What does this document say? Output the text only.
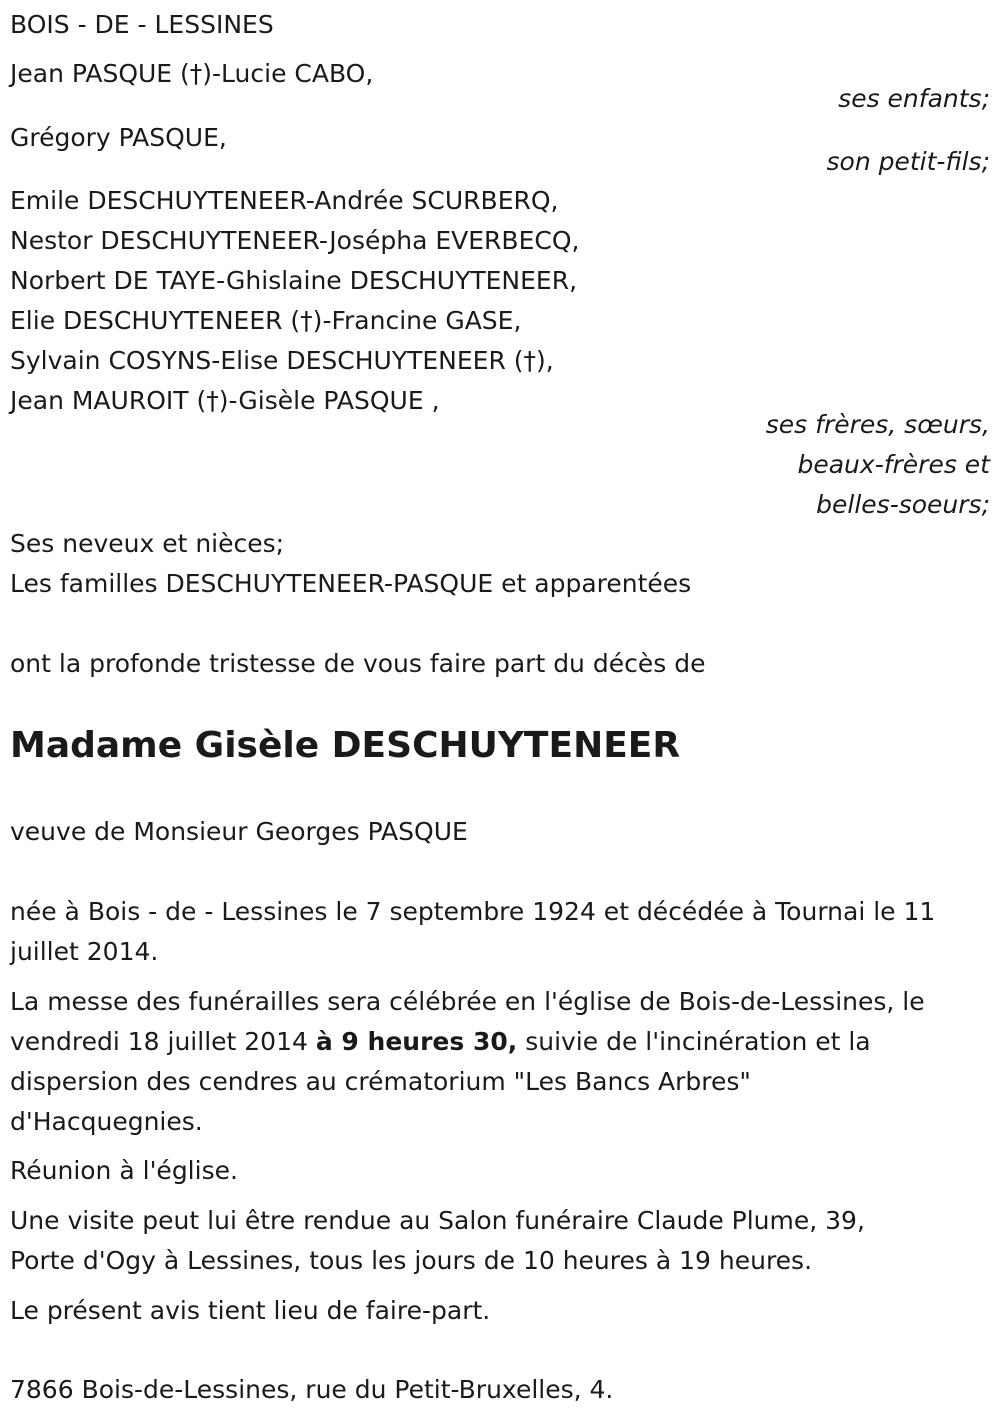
BOIS - DE - LESSINES
Jean PASQUE (†)-Lucie CABO,
ses enfants;
Grégory PASQUE,
son petit-fils;
Emile DESCHUYTENEER-Andrée SCURBERQ,
Nestor DESCHUYTENEER-Joséphа EVERBECQ,
Norbert DE TAYE-Ghislaine DESCHUYTENEER,
Elie DESCHUYTENEER (†)-Francine GASE,
Sylvain COSYNS-Elise DESCHUYTENEER (†),
Jean MAUROIT (†)-Gisèle PASQUE ,
ses frères, sœurs,
beaux-frères et
belles-soeurs;
Ses neveux et nièces;
Les familles DESCHUYTENEER-PASQUE et apparentées
ont la profonde tristesse de vous faire part du décès de
Madame Gisèle DESCHUYTENEER
veuve de Monsieur Georges PASQUE
née à Bois - de - Lessines le 7 septembre 1924 et décédée à Tournai le 11
juillet 2014.
La messe des funérailles sera célébrée en l'église de Bois-de-Lessines, le
vendredi 18 juillet 2014 à 9 heures 30, suivie de l'incinération et la
dispersion des cendres au crématorium "Les Bancs Arbres"
d'Hacquegnies.
Réunion à l'église.
Une visite peut lui être rendue au Salon funéraire Claude Plume, 39,
Porte d'Ogy à Lessines, tous les jours de 10 heures à 19 heures.
Le présent avis tient lieu de faire-part.
7866 Bois-de-Lessines, rue du Petit-Bruxelles, 4.
